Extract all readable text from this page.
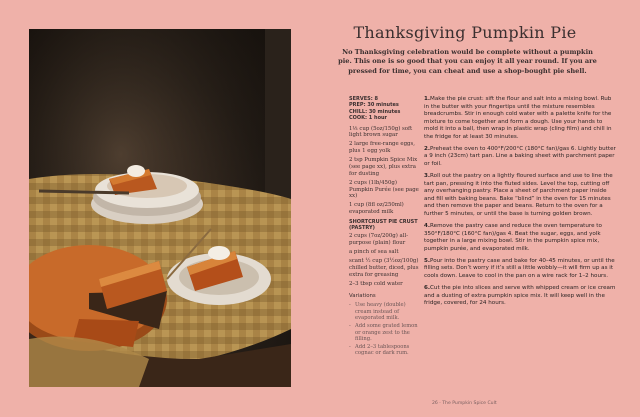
Thanksgiving Pumpkin Pie
No Thanksgiving celebration would be complete without a pumpkin pie. This one is so good that you can enjoy it all year round. If you are pressed for time, you can cheat and use a shop-bought pie shell.
SERVES: 8
PREP: 30 minutes
CHILL: 30 minutes
COOK: 1 hour
1⅓ cup (5oz/150g) soft light brown sugar
2 large free-range eggs, plus 1 egg yolk
2 tsp Pumpkin Spice Mix (see page xx), plus extra for dusting
2 cups (1lb/450g) Pumpkin Purée (see page xx)
1 cup (8fl oz/250ml) evaporated milk
SHORTCRUST PIE CRUST (PASTRY)
2 cups (7oz/200g) all-purpose (plain) flour
a pinch of sea salt
scant ½ cup (3½oz/100g) chilled butter, diced, plus extra for greasing
2–3 tbsp cold water
Variations
- Use heavy (double) cream instead of evaporated milk.
- Add some grated lemon or orange zest to the filling.
- Add 2–3 tablespoons cognac or dark rum.

1.Make the pie crust: sift the flour and salt into a mixing bowl. Rub in the butter with your fingertips until the mixture resembles breadcrumbs. Stir in enough cold water with a palette knife for the mixture to come together and form a dough. Use your hands to mold it into a ball, then wrap in plastic wrap (cling film) and chill in the fridge for at least 30 minutes.

2.Preheat the oven to 400°F/200°C (180°C fan)/gas 6. Lightly butter a 9 inch (23cm) tart pan. Line a baking sheet with parchment paper or foil.

3.Roll out the pastry on a lightly floured surface and use to line the tart pan, pressing it into the fluted sides. Level the top, cutting off any overhanging pastry. Place a sheet of parchment paper inside and fill with baking beans. Bake “blind” in the oven for 15 minutes and then remove the paper and beans. Return to the oven for a further 5 minutes, or until the base is turning golden brown.

4.Remove the pastry case and reduce the oven temperature to 350°F/180°C (160°C fan)/gas 4. Beat the sugar, eggs, and yolk together in a large mixing bowl. Stir in the pumpkin spice mix, pumpkin purée, and evaporated milk.

5.Pour into the pastry case and bake for 40–45 minutes, or until the filling sets. Don’t worry if it’s still a little wobbly—it will firm up as it cools down. Leave to cool in the pan on a wire rack for 1–2 hours.

6.Cut the pie into slices and serve with whipped cream or ice cream and a dusting of extra pumpkin spice mix. It will keep well in the fridge, covered, for 24 hours.

26 · The Pumpkin Spice Cult
